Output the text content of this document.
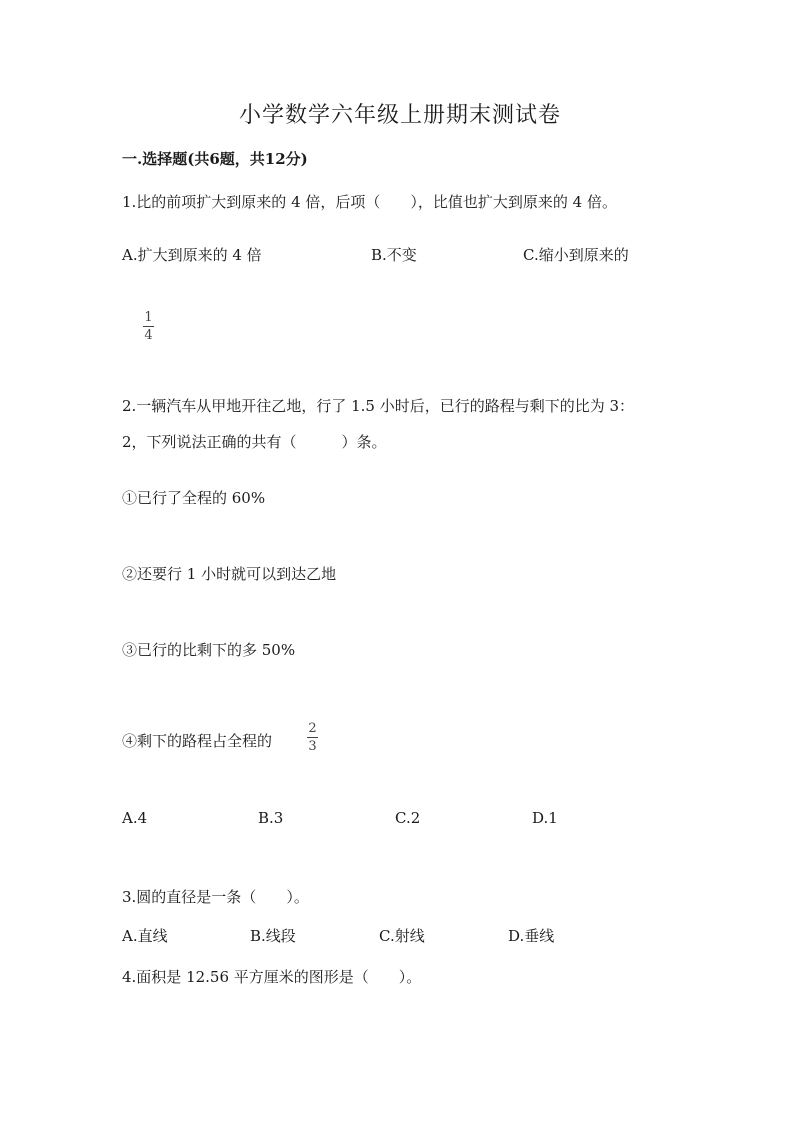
小学数学六年级上册期末测试卷
一.选择题(共6题，共12分)
1.比的前项扩大到原来的 4 倍，后项（　　），比值也扩大到原来的 4 倍。
A.扩大到原来的 4 倍	B.不变	C.缩小到原来的
1
4
2.一辆汽车从甲地开往乙地，行了 1.5 小时后，已行的路程与剩下的比为 3：
2，下列说法正确的共有（　　　）条。
①已行了全程的 60%
②还要行 1 小时就可以到达乙地
③已行的比剩下的多 50%
④剩下的路程占全程的
2
3
A.4	B.3	C.2	D.1
3.圆的直径是一条（　　）。
A.直线	B.线段	C.射线	D.垂线
4.面积是 12.56 平方厘米的图形是（　　）。
